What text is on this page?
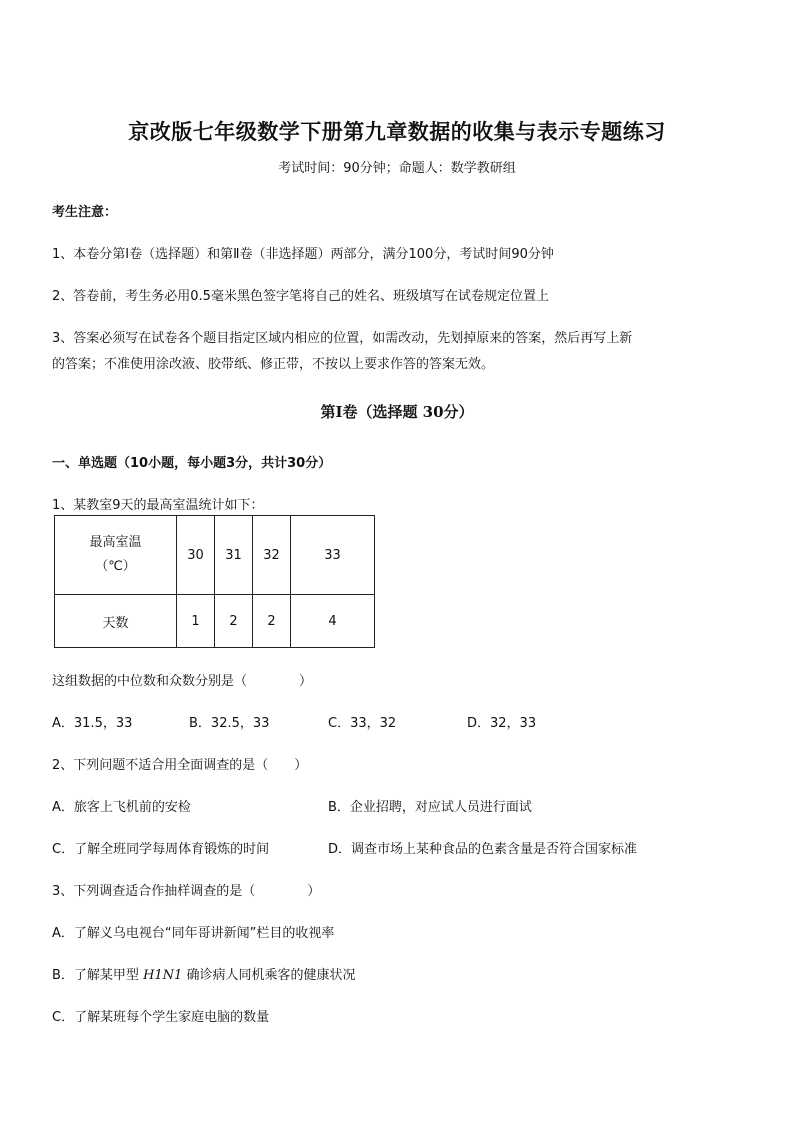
京改版七年级数学下册第九章数据的收集与表示专题练习
考试时间：90分钟；命题人：数学教研组
考生注意：
1、本卷分第Ⅰ卷（选择题）和第Ⅱ卷（非选择题）两部分，满分100分，考试时间90分钟
2、答卷前，考生务必用0.5毫米黑色签字笔将自己的姓名、班级填写在试卷规定位置上
3、答案必须写在试卷各个题目指定区域内相应的位置，如需改动，先划掉原来的答案，然后再写上新
的答案；不准使用涂改液、胶带纸、修正带，不按以上要求作答的答案无效。
第Ⅰ卷（选择题 30分）
一、单选题（10小题，每小题3分，共计30分）
1、某教室9天的最高室温统计如下：
最高室温
（℃）	30	31	32	33
天数	1	2	2	4
这组数据的中位数和众数分别是（　　　　）
A．31.5，33	B．32.5，33	C．33，32	D．32，33
2、下列问题不适合用全面调查的是（　　）
A．旅客上飞机前的安检	B．企业招聘，对应试人员进行面试
C．了解全班同学每周体育锻炼的时间	D．调查市场上某种食品的色素含量是否符合国家标准
3、下列调查适合作抽样调查的是（　　　　）
A．了解义乌电视台“同年哥讲新闻”栏目的收视率
B．了解某甲型 H1N1 确诊病人同机乘客的健康状况
C．了解某班每个学生家庭电脑的数量
